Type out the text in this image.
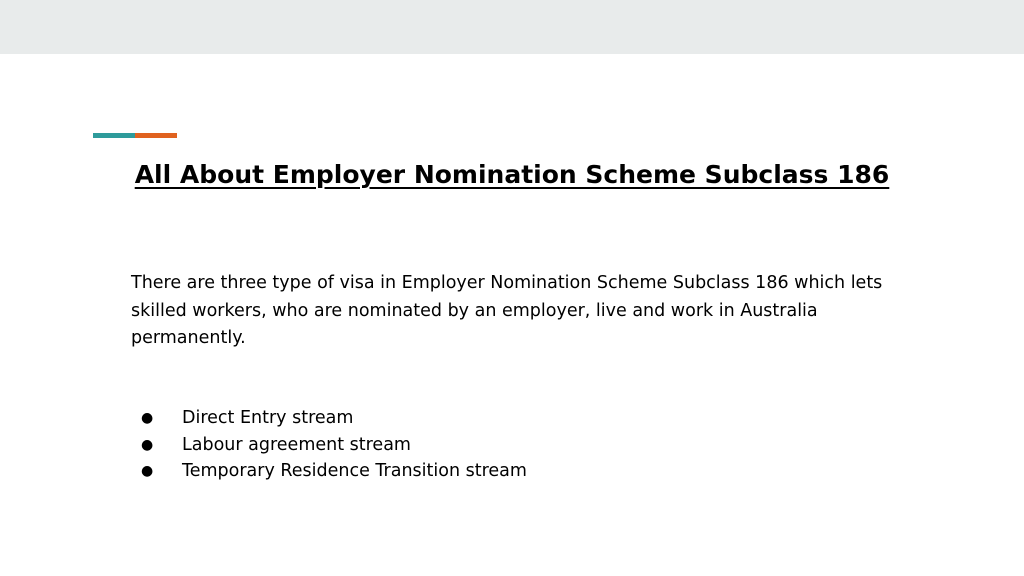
All About Employer Nomination Scheme Subclass 186

There are three type of visa in Employer Nomination Scheme Subclass 186 which lets skilled workers, who are nominated by an employer, live and work in Australia permanently.

●	Direct Entry stream
●	Labour agreement stream
●	Temporary Residence Transition stream
